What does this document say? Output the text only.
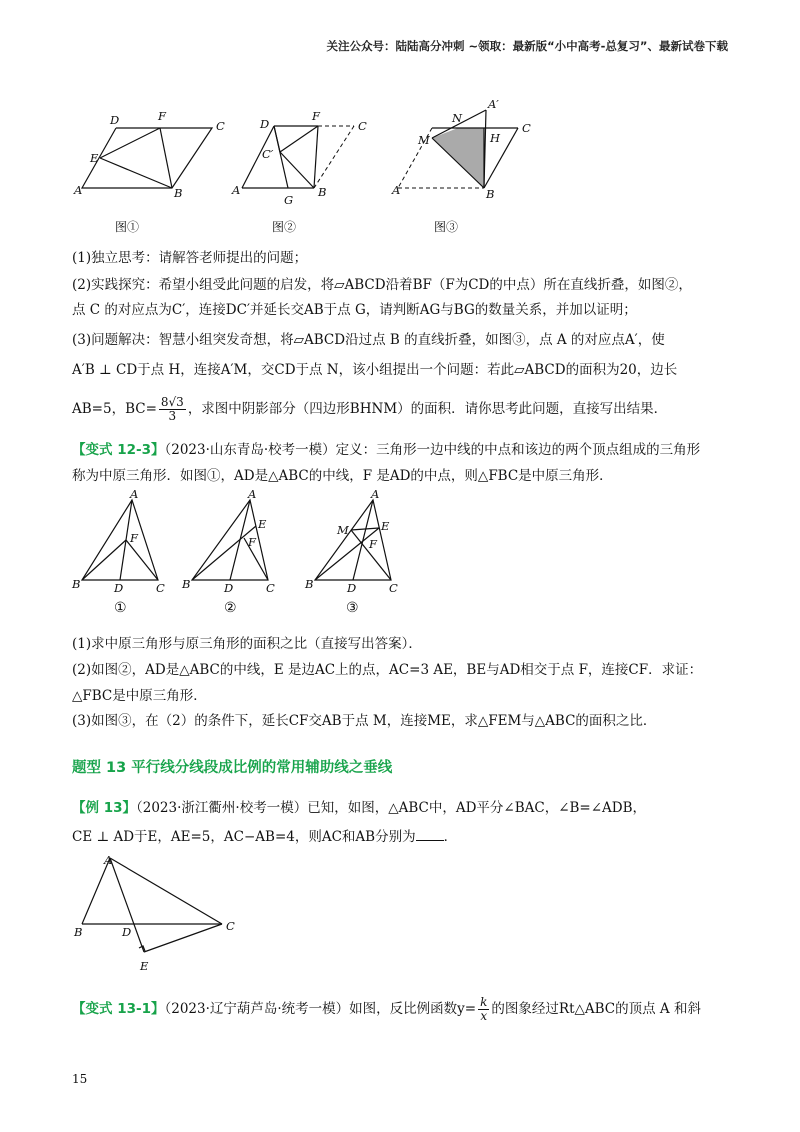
关注公众号：陆陆高分冲刺 ~领取：最新版“小中高考-总复习”、最新试卷下载
D	F
C
E
A	B
图①
D
F
C
C′
A
G
B
图②
A′
N
M	H
C
A	B
图③
(1)独立思考：请解答老师提出的问题；
(2)实践探究：希望小组受此问题的启发，将▱ABCD沿着BF（F为CD的中点）所在直线折叠，如图②，
点 C 的对应点为C′，连接DC′并延长交AB于点 G，请判断AG与BG的数量关系，并加以证明；
(3)问题解决：智慧小组突发奇想，将▱ABCD沿过点 B 的直线折叠，如图③，点 A 的对应点A′，使
A′B ⊥ CD于点 H，连接A′M，交CD于点 N，该小组提出一个问题：若此▱ABCD的面积为20，边长
AB=5，$BC= \frac{8√3}{3}$ ，求图中阴影部分（四边形BHNM）的面积．请你思考此问题，直接写出结果．
【变式 12-3】（2023·山东青岛·校考一模）定义：三角形一边中线的中点和该边的两个顶点组成的三角形
称为中原三角形．如图①，AD是△ABC的中线，F 是AD的中点，则△FBC是中原三角形．
A
F
B	D	C
①
A
E
F
B	D	C
②
A
M	E
F
B	D	C
③
(1)求中原三角形与原三角形的面积之比（直接写出答案）．
(2)如图②，AD是△ABC的中线，E 是边AC上的点，AC=3 AE，BE与AD相交于点 F，连接CF．求证：
△FBC是中原三角形．
(3)如图③，在（2）的条件下，延长CF交AB于点 M，连接ME，求△FEM与△ABC的面积之比．
题型 13 平行线分线段成比例的常用辅助线之垂线
【例 13】（2023·浙江衢州·校考一模）已知，如图，△ABC中，AD平分∠BAC，∠B=∠ADB，
CE ⊥ AD于E，AE=5，AC−AB=4，则AC和AB分别为 ．
A
B	D	C
E
【变式 13-1】（2023·辽宁葫芦岛·统考一模）如图，反比例函数$y= \frac{k}{x}$ 的图象经过Rt△ABC的顶点 A 和斜
15
